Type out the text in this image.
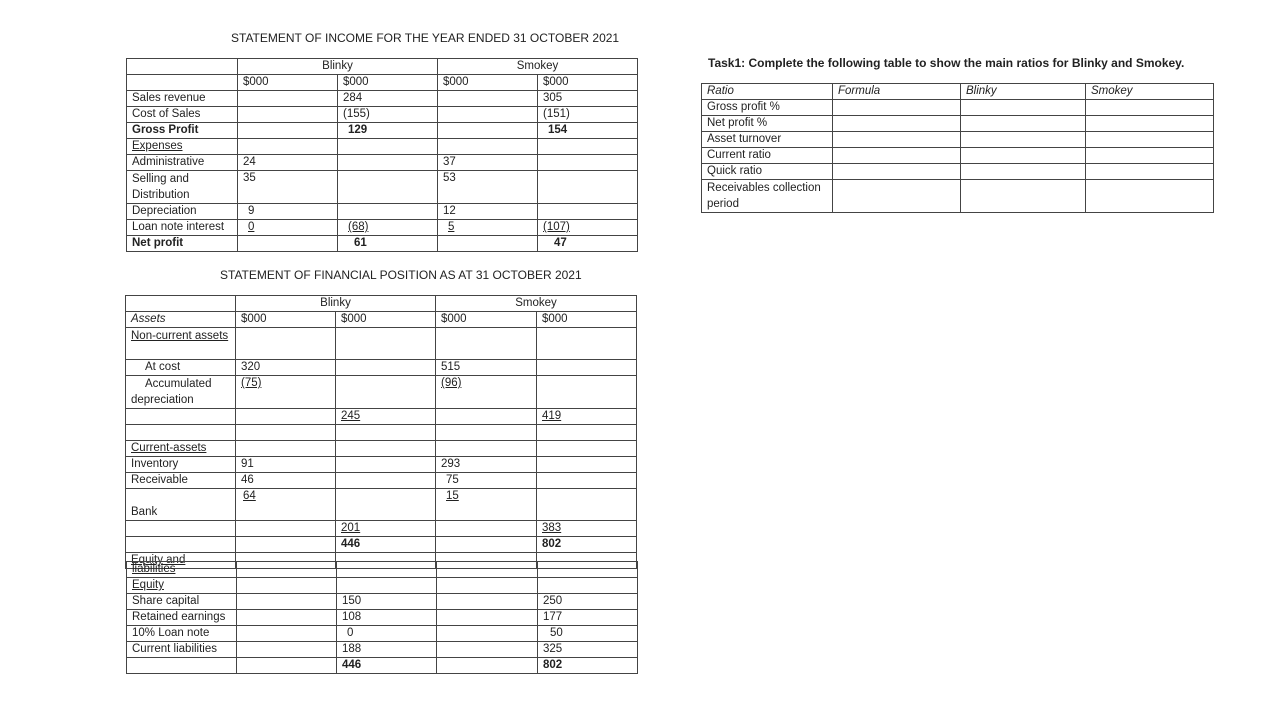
STATEMENT OF INCOME FOR THE YEAR ENDED 31 OCTOBER 2021
	Blinky		Smokey	
	$000	$000	$000	$000
Sales revenue		284		305
Cost of Sales		(155)		(151)
Gross Profit		129		154
Expenses				
Administrative	24		37	
Selling and Distribution	35		53	
Depreciation	9		12	
Loan note interest	0	(68)	5	(107)
Net profit		61		47
STATEMENT OF FINANCIAL POSITION AS AT 31 OCTOBER 2021
	Blinky		Smokey	
Assets	$000	$000	$000	$000
Non-current assets				
At cost	320		515	
Accumulated depreciation	(75)		(96)	
		245		419

Current-assets				
Inventory	91		293	
Receivable	46		75	
Bank	64		15	
		201		383
		446		802
Equity and				
liabilities				
Equity				
Share capital		150		250
Retained earnings		108		177
10% Loan note		0		50
Current liabilities		188		325
		446		802
Task1: Complete the following table to show the main ratios for Blinky and Smokey.
Ratio	Formula	Blinky	Smokey
Gross profit %			
Net profit %			
Asset turnover			
Current ratio			
Quick ratio			
Receivables collection period			
